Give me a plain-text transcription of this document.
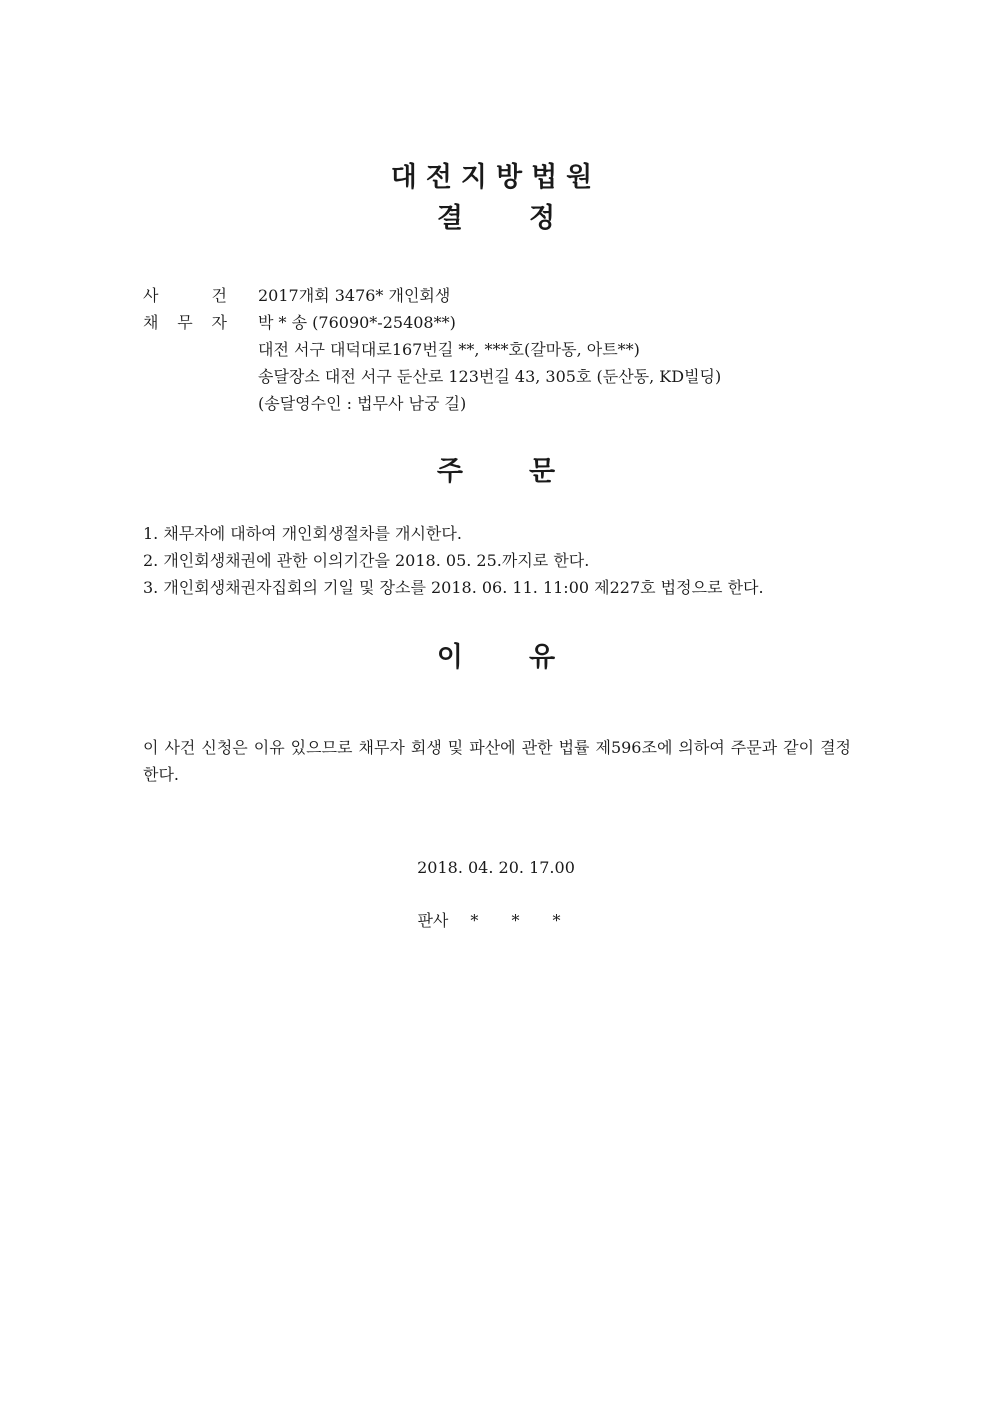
대전지방법원
결 정
사	건 2017개회 3476* 개인회생
채 무 자 박 * 송 (76090*-25408**)
대전 서구 대덕대로167번길 **, ***호(갈마동, 아트**)
송달장소 대전 서구 둔산로 123번길 43, 305호 (둔산동, KD빌딩)
(송달영수인 : 법무사 남궁 길)
주 문
1. 채무자에 대하여 개인회생절차를 개시한다.
2. 개인회생채권에 관한 이의기간을 2018. 05. 25.까지로 한다.
3. 개인회생채권자집회의 기일 및 장소를 2018. 06. 11. 11:00 제227호 법정으로 한다.
이 유
이 사건 신청은 이유 있으므로 채무자 회생 및 파산에 관한 법률 제596조에 의하여 주문과 같이 결정한다.
2018. 04. 20. 17.00
판사 * * *
